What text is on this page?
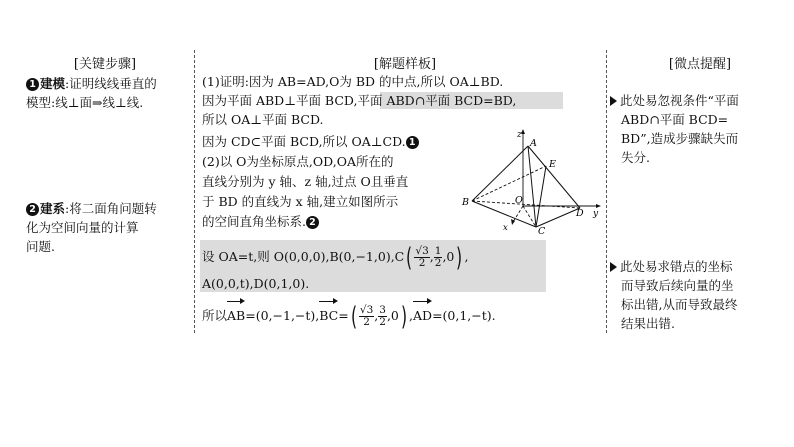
[关键步骤]	[解题样板]	[微点提醒]
1 建模:证明线线垂直的
模型:线⊥面⇒线⊥线.
2 建系:将二面角问题转
化为空间向量的计算
问题.
(1)证明:因为 AB=AD,O为 BD 的中点,所以 OA⊥BD.
因为平面 ABD⊥平面 BCD,平面 ABD∩平面 BCD=BD,
所以 OA⊥平面 BCD.
因为 CD⊂平面 BCD,所以 OA⊥CD. 1
(2)以 O为坐标原点,OD,OA所在的
直线分别为 y 轴、z 轴,过点 O且垂直
于 BD 的直线为 x 轴,建立如图所示
的空间直角坐标系. 2
设 OA=t,则 $O(0,0,0),B(0,-1,0),C( \frac{√3}{2}$ , $\frac{1}{2} ,0$) ,
A(0,0,t),D(0,1,0).
所以$AB=(0,-1,-t),BC=( \frac{√3}{2}$ , $\frac{3}{2} ,0$) ,AD=(0,1,−t).
z
A
E
B	O
D y
C
x
此处易忽视条件“平面
ABD∩平面 BCD=
BD”,造成步骤缺失而
失分.
此处易求错点的坐标
而导致后续向量的坐
标出错,从而导致最终
结果出错.
